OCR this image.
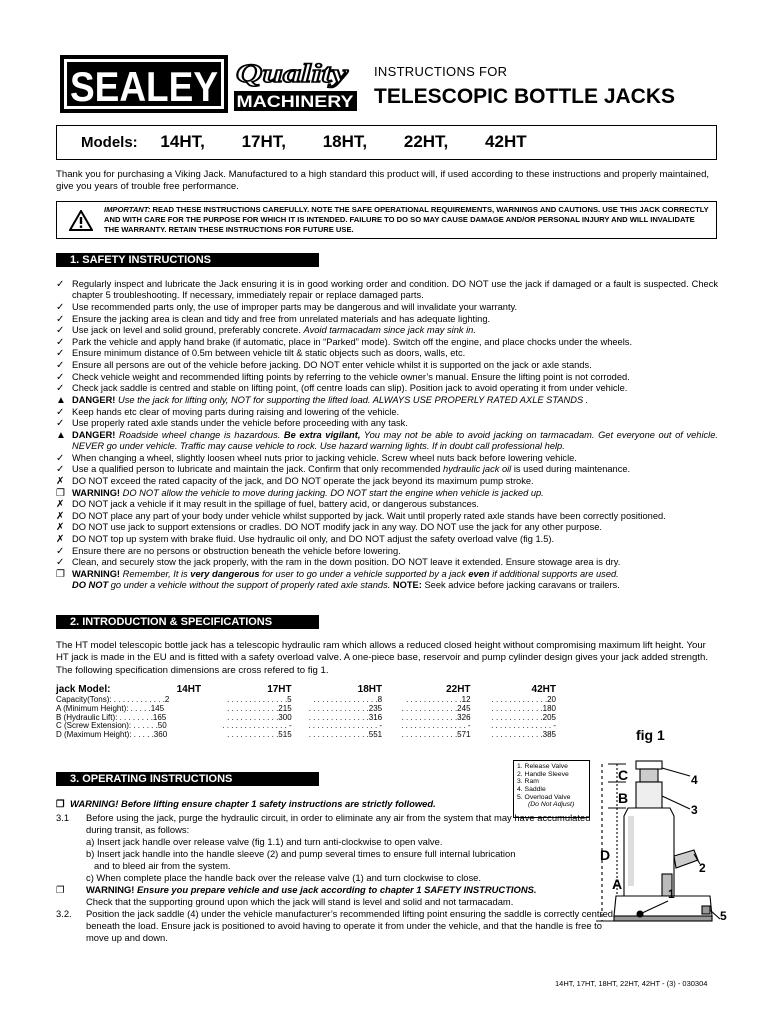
SEALEY Quality
MACHINERY
INSTRUCTIONS FOR
TELESCOPIC BOTTLE JACKS
Models: 14HT, 17HT, 18HT, 22HT, 42HT
Thank you for purchasing a Viking Jack. Manufactured to a high standard this product will, if used according to these instructions and properly maintained, give you years of trouble free performance.
IMPORTANT: READ THESE INSTRUCTIONS CAREFULLY. NOTE THE SAFE OPERATIONAL REQUIREMENTS, WARNINGS AND CAUTIONS. USE THIS JACK CORRECTLY AND WITH CARE FOR THE PURPOSE FOR WHICH IT IS INTENDED. FAILURE TO DO SO MAY CAUSE DAMAGE AND/OR PERSONAL INJURY AND WILL INVALIDATE THE WARRANTY. RETAIN THESE INSTRUCTIONS FOR FUTURE USE.
1. SAFETY INSTRUCTIONS
✓ Regularly inspect and lubricate the Jack ensuring it is in good working order and condition. DO NOT use the jack if damaged or a fault is suspected. Check chapter 5 troubleshooting. If necessary, immediately repair or replace damaged parts.
✓ Use recommended parts only, the use of improper parts may be dangerous and will invalidate your warranty.
✓ Ensure the jacking area is clean and tidy and free from unrelated materials and has adequate lighting.
✓ Use jack on level and solid ground, preferably concrete. Avoid tarmacadam since jack may sink in.
✓ Park the vehicle and apply hand brake (if automatic, place in “Parked” mode). Switch off the engine, and place chocks under the wheels.
✓ Ensure minimum distance of 0.5m between vehicle tilt & static objects such as doors, walls, etc.
✓ Ensure all persons are out of the vehicle before jacking. DO NOT enter vehicle whilst it is supported on the jack or axle stands.
✓ Check vehicle weight and recommended lifting points by referring to the vehicle owner’s manual. Ensure the lifting point is not corroded.
✓ Check jack saddle is centred and stable on lifting point, (off centre loads can slip). Position jack to avoid operating it from under vehicle.
▲ DANGER! Use the jack for lifting only, NOT for supporting the lifted load. ALWAYS USE PROPERLY RATED AXLE STANDS .
✓ Keep hands etc clear of moving parts during raising and lowering of the vehicle.
✓ Use properly rated axle stands under the vehicle before proceeding with any task.
▲ DANGER! Roadside wheel change is hazardous. Be extra vigilant, You may not be able to avoid jacking on tarmacadam. Get everyone out of vehicle. NEVER go under vehicle. Traffic may cause vehicle to rock. Use hazard warning lights. If in doubt call professional help.
✓ When changing a wheel, slightly loosen wheel nuts prior to jacking vehicle. Screw wheel nuts back before lowering vehicle.
✓ Use a qualified person to lubricate and maintain the jack. Confirm that only recommended hydraulic jack oil is used during maintenance.
✗ DO NOT exceed the rated capacity of the jack, and DO NOT operate the jack beyond its maximum pump stroke.
❐ WARNING! DO NOT allow the vehicle to move during jacking. DO NOT start the engine when vehicle is jacked up.
✗ DO NOT jack a vehicle if it may result in the spillage of fuel, battery acid, or dangerous substances.
✗ DO NOT place any part of your body under vehicle whilst supported by jack. Wait until properly rated axle stands have been correctly positioned.
✗ DO NOT use jack to support extensions or cradles. DO NOT modify jack in any way. DO NOT use the jack for any other purpose.
✗ DO NOT top up system with brake fluid. Use hydraulic oil only, and DO NOT adjust the safety overload valve (fig 1.5).
✓ Ensure there are no persons or obstruction beneath the vehicle before lowering.
✓ Clean, and securely stow the jack properly, with the ram in the down position. DO NOT leave it extended. Ensure stowage area is dry.
❐ WARNING! Remember, It is very dangerous for user to go under a vehicle supported by a jack even if additional supports are used.
DO NOT go under a vehicle without the support of properly rated axle stands. NOTE: Seek advice before jacking caravans or trailers.
2. INTRODUCTION & SPECIFICATIONS
The HT model telescopic bottle jack has a telescopic hydraulic ram which allows a reduced closed height without compromising maximum lift height. Your HT jack is made in the EU and is fitted with a safety overload valve. A one-piece base, reservoir and pump cylinder design gives your jack added strength. The following specification dimensions are cross refered to fig 1.
jack Model:	14HT	17HT	18HT	22HT	42HT
Capacity(Tons): . . . . . . . . . . . .2		. . . . . . . . . . . . . .5	. . . . . . . . . . . . . . .8	. . . . . . . . . . . . .12	. . . . . . . . . . . . .20
A (Minimum Height): . . . . .145		. . . . . . . . . . . .215	. . . . . . . . . . . . . .235	. . . . . . . . . . . . .245	. . . . . . . . . . . .180
B (Hydraulic Lift): . . . . . . . .165		. . . . . . . . . . . .300	. . . . . . . . . . . . . .316	. . . . . . . . . . . . .326	. . . . . . . . . . . .205
C (Screw Extension): . . . . . .50		. . . . . . . . . . . . . . . -	. . . . . . . . . . . . . . . . -	. . . . . . . . . . . . . . . -	. . . . . . . . . . . . . . -
D (Maximum Height): . . . . .360		. . . . . . . . . . . .515	. . . . . . . . . . . . . .551	. . . . . . . . . . . . .571	. . . . . . . . . . . .385	fig 1
3. OPERATING INSTRUCTIONS
1. Release Valve
2. Handle Sleeve
3. Ram
4. Saddle
5. Overload Valve
(Do Not Adjust)
C
B
D
A
4
3
2
1
5
❐ WARNING! Before lifting ensure chapter 1 safety instructions are strictly followed.
3.1	Before using the jack, purge the hydraulic circuit, in order to eliminate any air from the system that may have accumulated during transit, as follows:
a) Insert jack handle over release valve (fig 1.1) and turn anti-clockwise to open valve.
b) Insert jack handle into the handle sleeve (2) and pump several times to ensure full internal lubrication
and to bleed air from the system.
c) When complete place the handle back over the release valve (1) and turn clockwise to close.
❐	WARNING! Ensure you prepare vehicle and use jack according to chapter 1 SAFETY INSTRUCTIONS.
Check that the supporting ground upon which the jack will stand is level and solid and not tarmacadam.
3.2.	Position the jack saddle (4) under the vehicle manufacturer’s recommended lifting point ensuring the saddle is correctly centred beneath the load. Ensure jack is positioned to avoid having to operate it from under the vehicle, and that the handle is free to move up and down.
14HT, 17HT, 18HT, 22HT, 42HT - (3) - 030304
